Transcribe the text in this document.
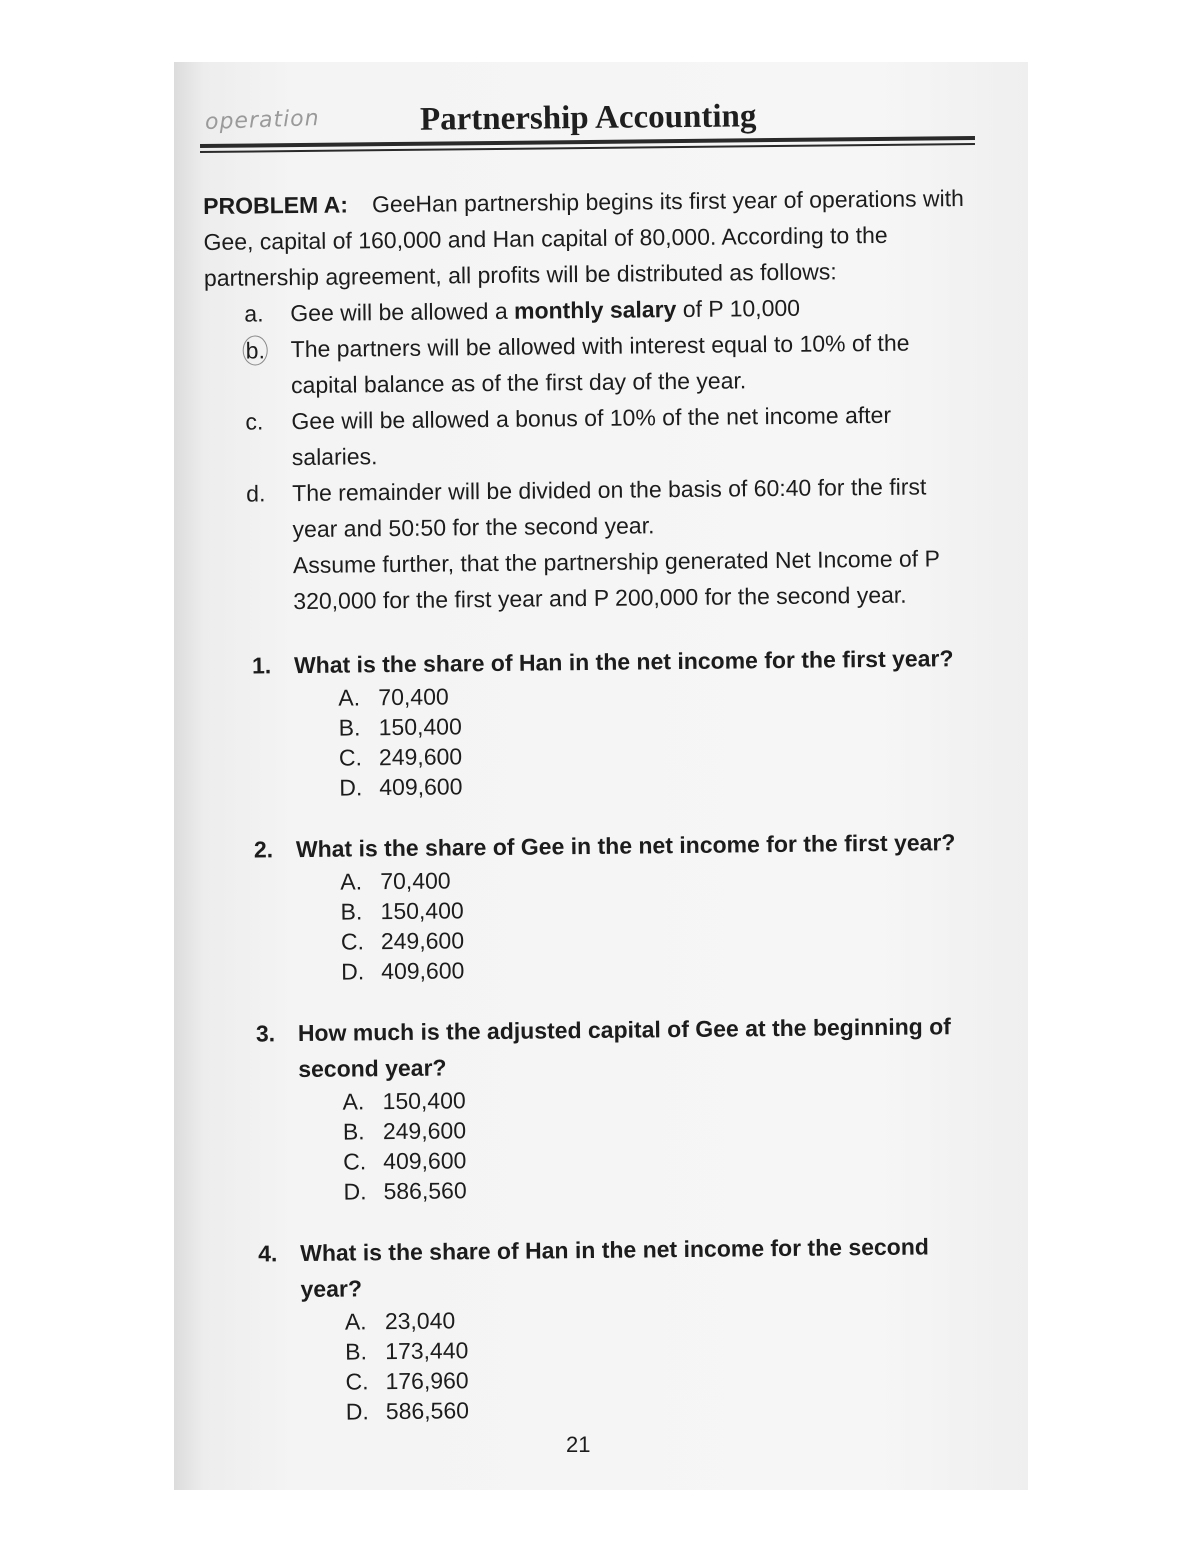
operation	Partnership Accounting

PROBLEM A: GeeHan partnership begins its first year of operations with Gee, capital of 160,000 and Han capital of 80,000. According to the partnership agreement, all profits will be distributed as follows:

a. Gee will be allowed a monthly salary of P 10,000
b. The partners will be allowed with interest equal to 10% of the capital balance as of the first day of the year.
c. Gee will be allowed a bonus of 10% of the net income after salaries.
d. The remainder will be divided on the basis of 60:40 for the first year and 50:50 for the second year.

Assume further, that the partnership generated Net Income of P 320,000 for the first year and P 200,000 for the second year.

1. What is the share of Han in the net income for the first year?

A. 70,400
B. 150,400
C. 249,600
D. 409,600
2. What is the share of Gee in the net income for the first year?

A. 70,400
B. 150,400
C. 249,600
D. 409,600
3. How much is the adjusted capital of Gee at the beginning of second year?

A. 150,400
B. 249,600
C. 409,600
D. 586,560
4. What is the share of Han in the net income for the second year?

A. 23,040
B. 173,440
C. 176,960
D. 586,560
21
